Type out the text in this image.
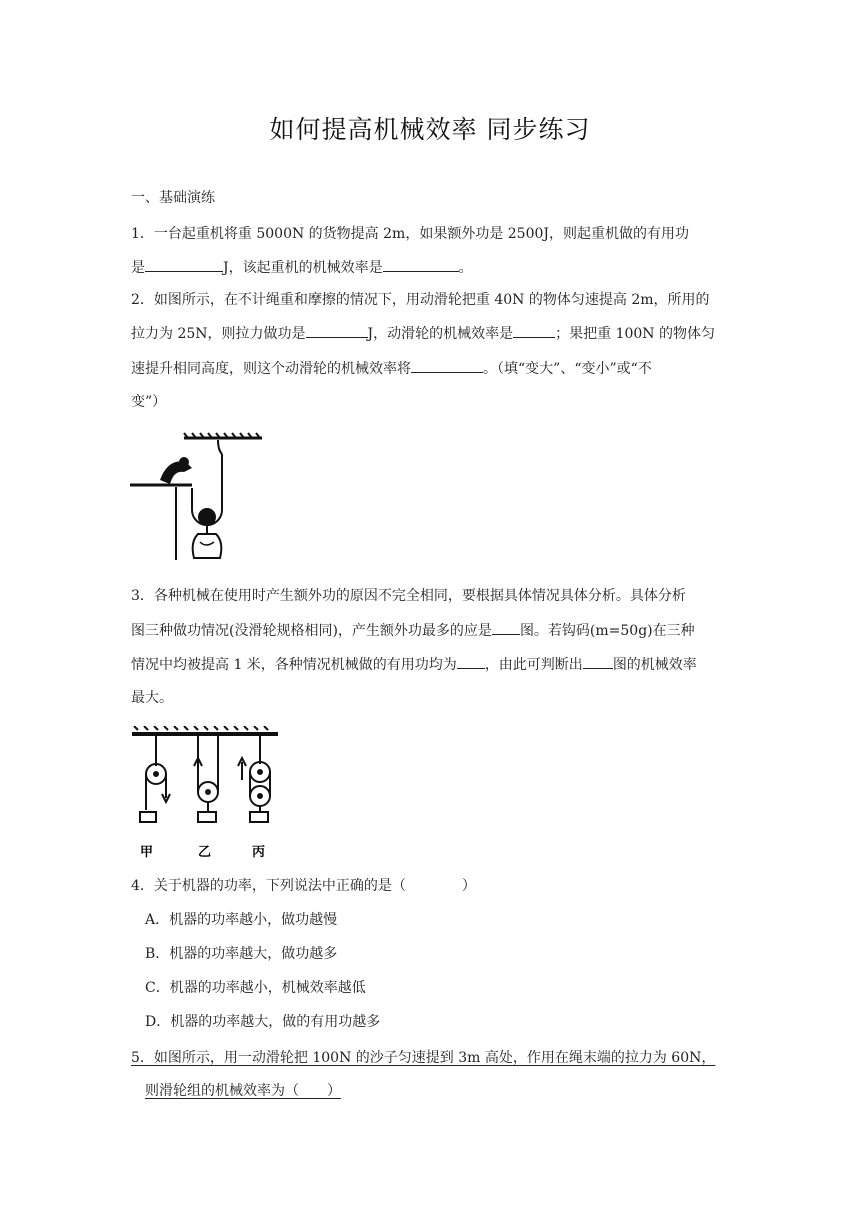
如何提高机械效率 同步练习
一、基础演练
1．一台起重机将重 5000N 的货物提高 2m，如果额外功是 2500J，则起重机做的有用功
是	J，该起重机的机械效率是	。
2．如图所示，在不计绳重和摩擦的情况下，用动滑轮把重 40N 的物体匀速提高 2m，所用的
拉力为 25N，则拉力做功是	J，动滑轮的机械效率是	；果把重 100N 的物体匀
速提升相同高度，则这个动滑轮的机械效率将	。（填“变大”、“变小”或“不
变”）
3．各种机械在使用时产生额外功的原因不完全相同，要根据具体情况具体分析。具体分析
图三种做功情况(没滑轮规格相同)，产生额外功最多的应是 图。若钩码(m=50g)在三种
情况中均被提高 1 米，各种情况机械做的有用功均为 ，由此可判断出 图的机械效率
最大。
甲	乙	丙
4．关于机器的功率，下列说法中正确的是（　　　　）
A．机器的功率越小，做功越慢
B．机器的功率越大，做功越多
C．机器的功率越小，机械效率越低
D．机器的功率越大，做的有用功越多
5．如图所示，用一动滑轮把 100N 的沙子匀速提到 3m 高处，作用在绳末端的拉力为 60N，
则滑轮组的机械效率为（　　）
